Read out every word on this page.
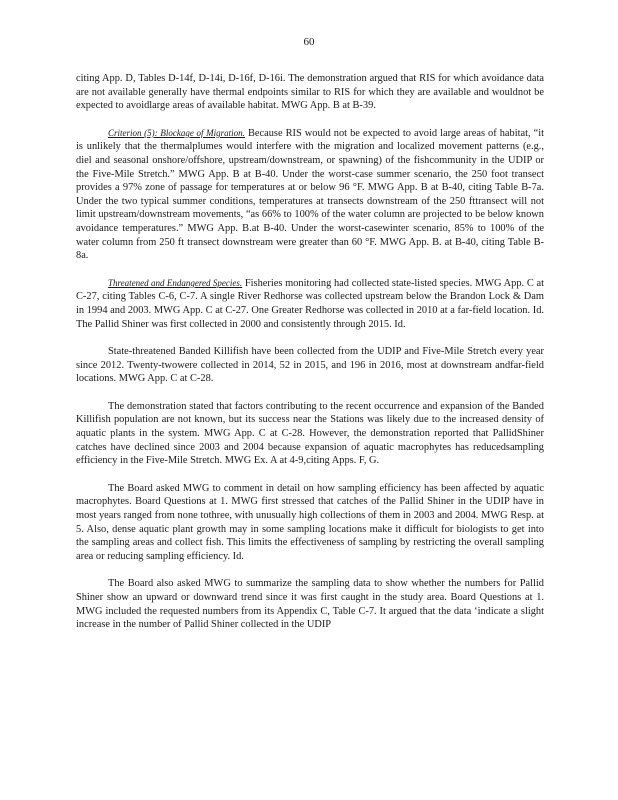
60

citing App. D, Tables D-14f, D-14i, D-16f, D-16i. The demonstration argued that RIS for which avoidance data are not available generally have thermal endpoints similar to RIS for which they are available and wouldnot be expected to avoidlarge areas of available habitat. MWG App. B at B-39.

Criterion (5): Blockage of Migration. Because RIS would not be expected to avoid large areas of habitat, “it is unlikely that the thermalplumes would interfere with the migration and localized movement patterns (e.g., diel and seasonal onshore/offshore, upstream/downstream, or spawning) of the fishcommunity in the UDIP or the Five-Mile Stretch.” MWG App. B at B-40. Under the worst-case summer scenario, the 250 foot transect provides a 97% zone of passage for temperatures at or below 96 °F. MWG App. B at B-40, citing Table B-7a. Under the two typical summer conditions, temperatures at transects downstream of the 250 fttransect will not limit upstream/downstream movements, “as 66% to 100% of the water column are projected to be below known avoidance temperatures.” MWG App. B.at B-40. Under the worst-casewinter scenario, 85% to 100% of the water column from 250 ft transect downstream were greater than 60 °F. MWG App. B. at B-40, citing Table B-8a.

Threatened and Endangered Species. Fisheries monitoring had collected state-listed species. MWG App. C at C-27, citing Tables C-6, C-7. A single River Redhorse was collected upstream below the Brandon Lock & Dam in 1994 and 2003. MWG App. C at C-27. One Greater Redhorse was collected in 2010 at a far-field location. Id. The Pallid Shiner was first collected in 2000 and consistently through 2015. Id.

State-threatened Banded Killifish have been collected from the UDIP and Five-Mile Stretch every year since 2012. Twenty-twowere collected in 2014, 52 in 2015, and 196 in 2016, most at downstream andfar-field locations. MWG App. C at C-28.

The demonstration stated that factors contributing to the recent occurrence and expansion of the Banded Killifish population are not known, but its success near the Stations was likely due to the increased density of aquatic plants in the system. MWG App. C at C-28. However, the demonstration reported that PallidShiner catches have declined since 2003 and 2004 because expansion of aquatic macrophytes has reducedsampling efficiency in the Five-Mile Stretch. MWG Ex. A at 4-9,citing Apps. F, G.

The Board asked MWG to comment in detail on how sampling efficiency has been affected by aquatic macrophytes. Board Questions at 1. MWG first stressed that catches of the Pallid Shiner in the UDIP have in most years ranged from none tothree, with unusually high collections of them in 2003 and 2004. MWG Resp. at 5. Also, dense aquatic plant growth may in some sampling locations make it difficult for biologists to get into the sampling areas and collect fish. This limits the effectiveness of sampling by restricting the overall sampling area or reducing sampling efficiency. Id.

The Board also asked MWG to summarize the sampling data to show whether the numbers for Pallid Shiner show an upward or downward trend since it was first caught in the study area. Board Questions at 1. MWG included the requested numbers from its Appendix C, Table C-7. It argued that the data ‘indicate a slight increase in the number of Pallid Shiner collected in the UDIP
